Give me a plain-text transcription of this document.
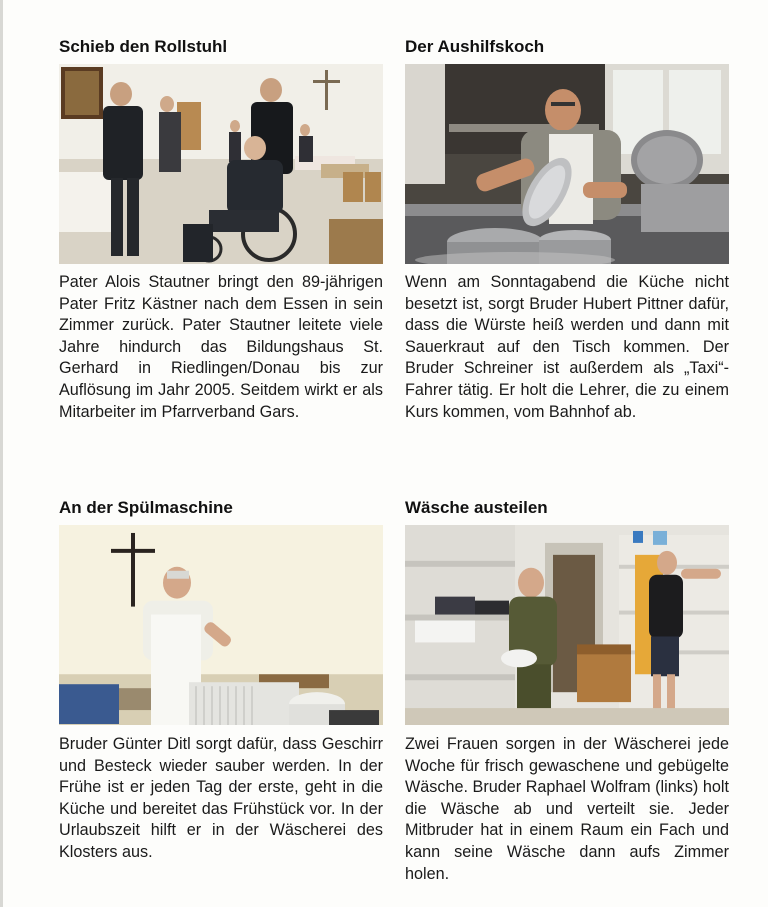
Schieb den Rollstuhl

Pater Alois Stautner bringt den 89-jährigen Pater Fritz Kästner nach dem Essen in sein Zimmer zurück. Pater Stautner leitete viele Jahre hindurch das Bildungshaus St. Gerhard in Riedlingen/Donau bis zur Auflösung im Jahr 2005. Seitdem wirkt er als Mitarbeiter im Pfarrverband Gars.

Der Aushilfskoch

Wenn am Sonntagabend die Küche nicht besetzt ist, sorgt Bruder Hubert Pittner dafür, dass die Würste heiß werden und dann mit Sauerkraut auf den Tisch kommen. Der Bruder Schreiner ist außerdem als „Taxi“-Fahrer tätig. Er holt die Lehrer, die zu einem Kurs kommen, vom Bahnhof ab.

An der Spülmaschine

Bruder Günter Ditl sorgt dafür, dass Geschirr und Besteck wieder sauber werden. In der Frühe ist er jeden Tag der erste, geht in die Küche und bereitet das Frühstück vor. In der Urlaubszeit hilft er in der Wäscherei des Klosters aus.

Wäsche austeilen

Zwei Frauen sorgen in der Wäscherei jede Woche für frisch gewaschene und gebügelte Wäsche. Bruder Raphael Wolfram (links) holt die Wäsche ab und verteilt sie. Jeder Mitbruder hat in einem Raum ein Fach und kann seine Wäsche dann aufs Zimmer holen.
